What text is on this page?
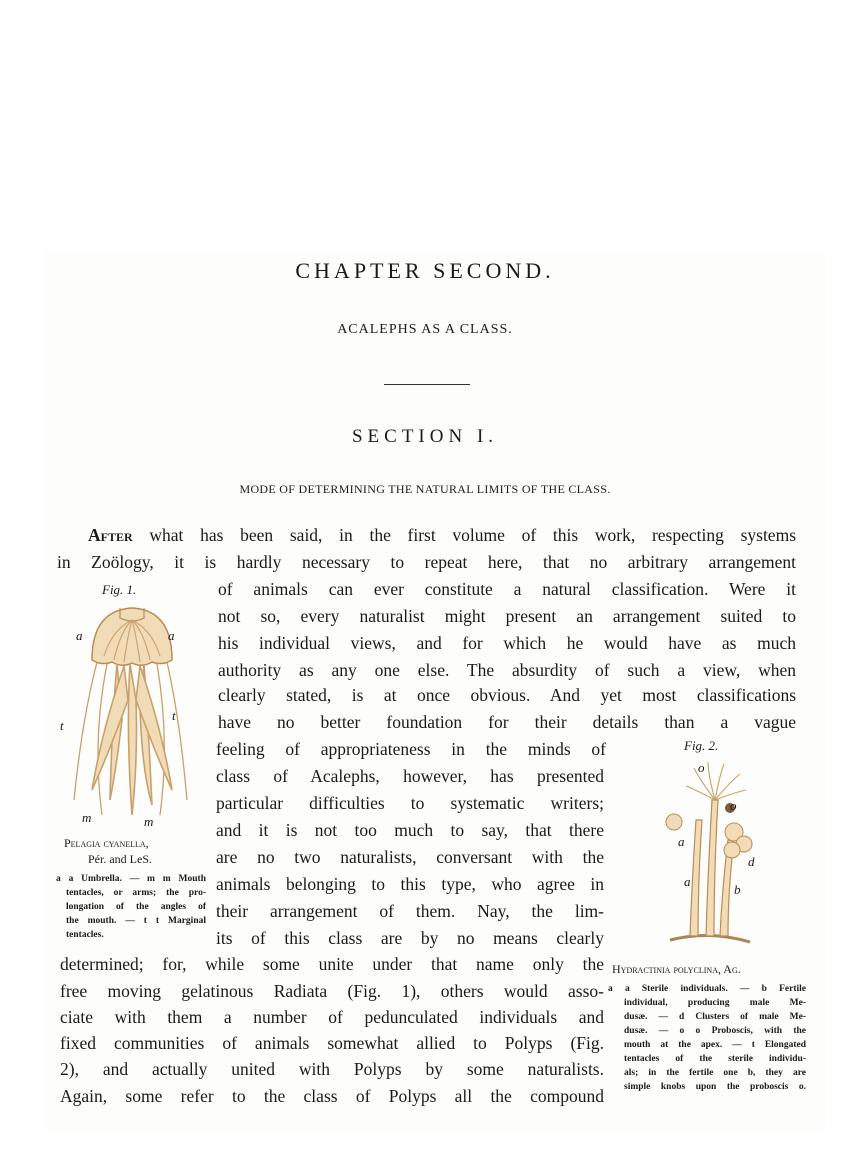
CHAPTER SECOND.
ACALEPHS AS A CLASS.
SECTION I.
MODE OF DETERMINING THE NATURAL LIMITS OF THE CLASS.
After what has been said, in the first volume of this work, respecting systems
in Zoölogy, it is hardly necessary to repeat here, that no arbitrary arrangement
of animals can ever constitute a natural classification. Were it
not so, every naturalist might present an arrangement suited to
his individual views, and for which he would have as much
authority as any one else. The absurdity of such a view, when
clearly stated, is at once obvious. And yet most classifications
have no better foundation for their details than a vague
feeling of appropriateness in the minds of
class of Acalephs, however, has presented
particular difficulties to systematic writers;
and it is not too much to say, that there
are no two naturalists, conversant with the
animals belonging to this type, who agree in
their arrangement of them. Nay, the lim-
its of this class are by no means clearly
determined; for, while some unite under that name only the
free moving gelatinous Radiata (Fig. 1), others would asso-
ciate with them a number of pedunculated individuals and
fixed communities of animals somewhat allied to Polyps (Fig.
2), and actually united with Polyps by some naturalists.
Again, some refer to the class of Polyps all the compound
Fig. 1.
a	a
t
t
m	m
Pelagia cyanella,
Pér. and LeS.
a a Umbrella. — m m Mouth
tentacles, or arms; the pro-
longation of the angles of
the mouth. — t t Marginal
tentacles.
Fig. 2.
o
o
a
d
a
b
Hydractinia polyclina, Ag.
a a Sterile individuals. — b Fertile
individual, producing male Me-
dusæ. — d Clusters of male Me-
dusæ. — o o Proboscis, with the
mouth at the apex. — t Elongated
tentacles of the sterile individu-
als; in the fertile one b, they are
simple knobs upon the proboscis o.
